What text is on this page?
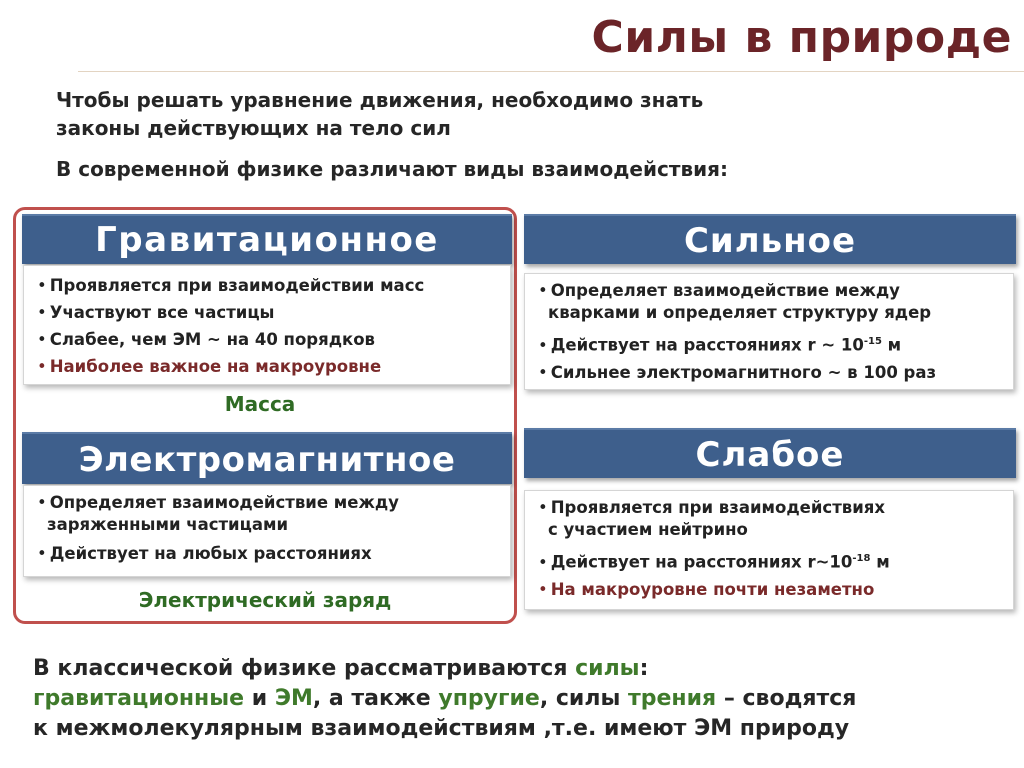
Силы в природе
Чтобы решать уравнение движения, необходимо знать
законы действующих на тело сил
В современной физике различают виды взаимодействия:
Гравитационное
• Проявляется при взаимодействии масс
• Участвуют все частицы
• Слабее, чем ЭМ ~ на 40 порядков
• Наиболее важное на макроуровне
Масса
Электромагнитное
• Определяет взаимодействие между
заряженными частицами
• Действует на любых расстояниях
Электрический заряд
Сильное
• Определяет взаимодействие между
кварками и определяет структуру ядер
• Действует на расстояниях r ~ $10^{-15}$ м
• Сильнее электромагнитного ~ в 100 раз
Слабое
• Проявляется при взаимодействиях
с участием нейтрино
• Действует на расстояниях $r\sim 10^{-18}$ м
• На макроуровне почти незаметно
В классической физике рассматриваются силы:
гравитационные и ЭМ, а также упругие, силы трения – сводятся
к межмолекулярным взаимодействиям ,т.е. имеют ЭМ природу
